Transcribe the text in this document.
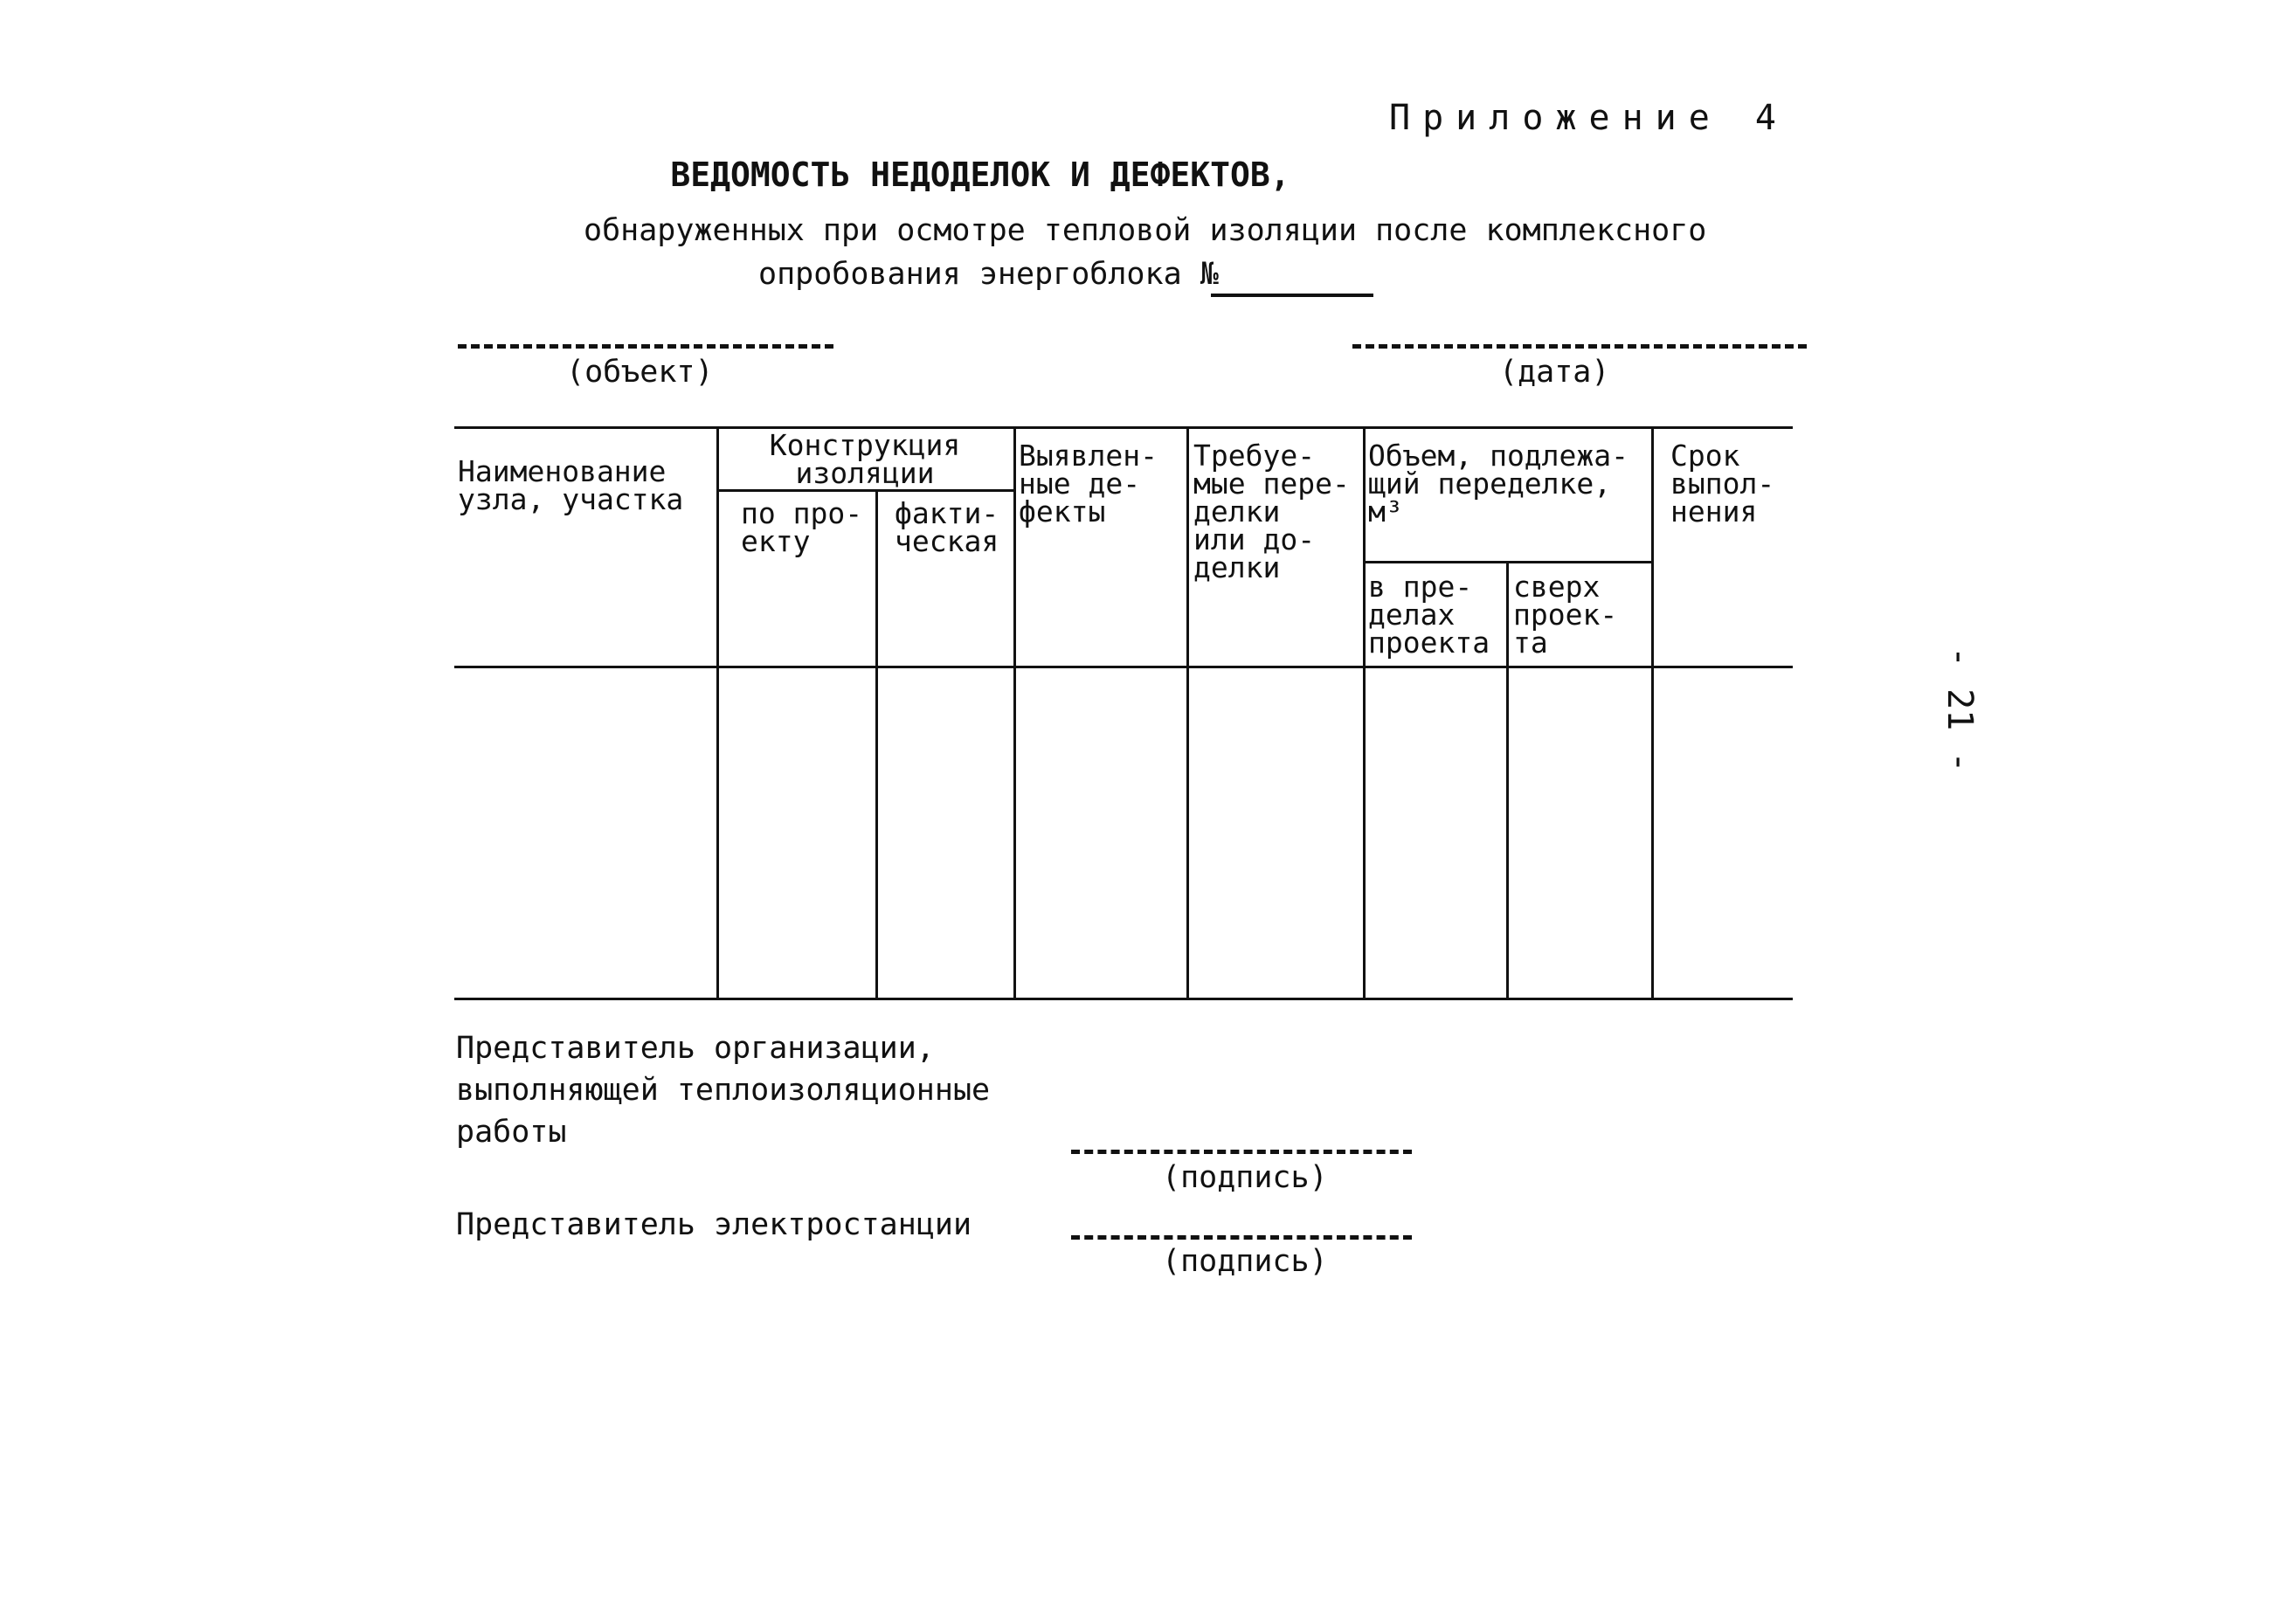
Приложение 4
ВЕДОМОСТЬ НЕДОДЕЛОК И ДЕФЕКТОВ,
обнаруженных при осмотре тепловой изоляции после комплексного
опробования энергоблока №
(объект)	(дата)
Наименование
узла, участка
Конструкция
изоляции
по про-
екту
факти-
ческая
Выявлен-
ные де-
фекты
Требуе-
мые пере-
делки
или до-
делки
Объем, подлежа-
щий переделке,
м³
в пре-
делах
проекта
сверх
проек-
та
Срок
выпол-
нения
Представитель организации,
выполняющей теплоизоляционные
работы
(подпись)
Представитель электростанции
(подпись)
- 21 -
